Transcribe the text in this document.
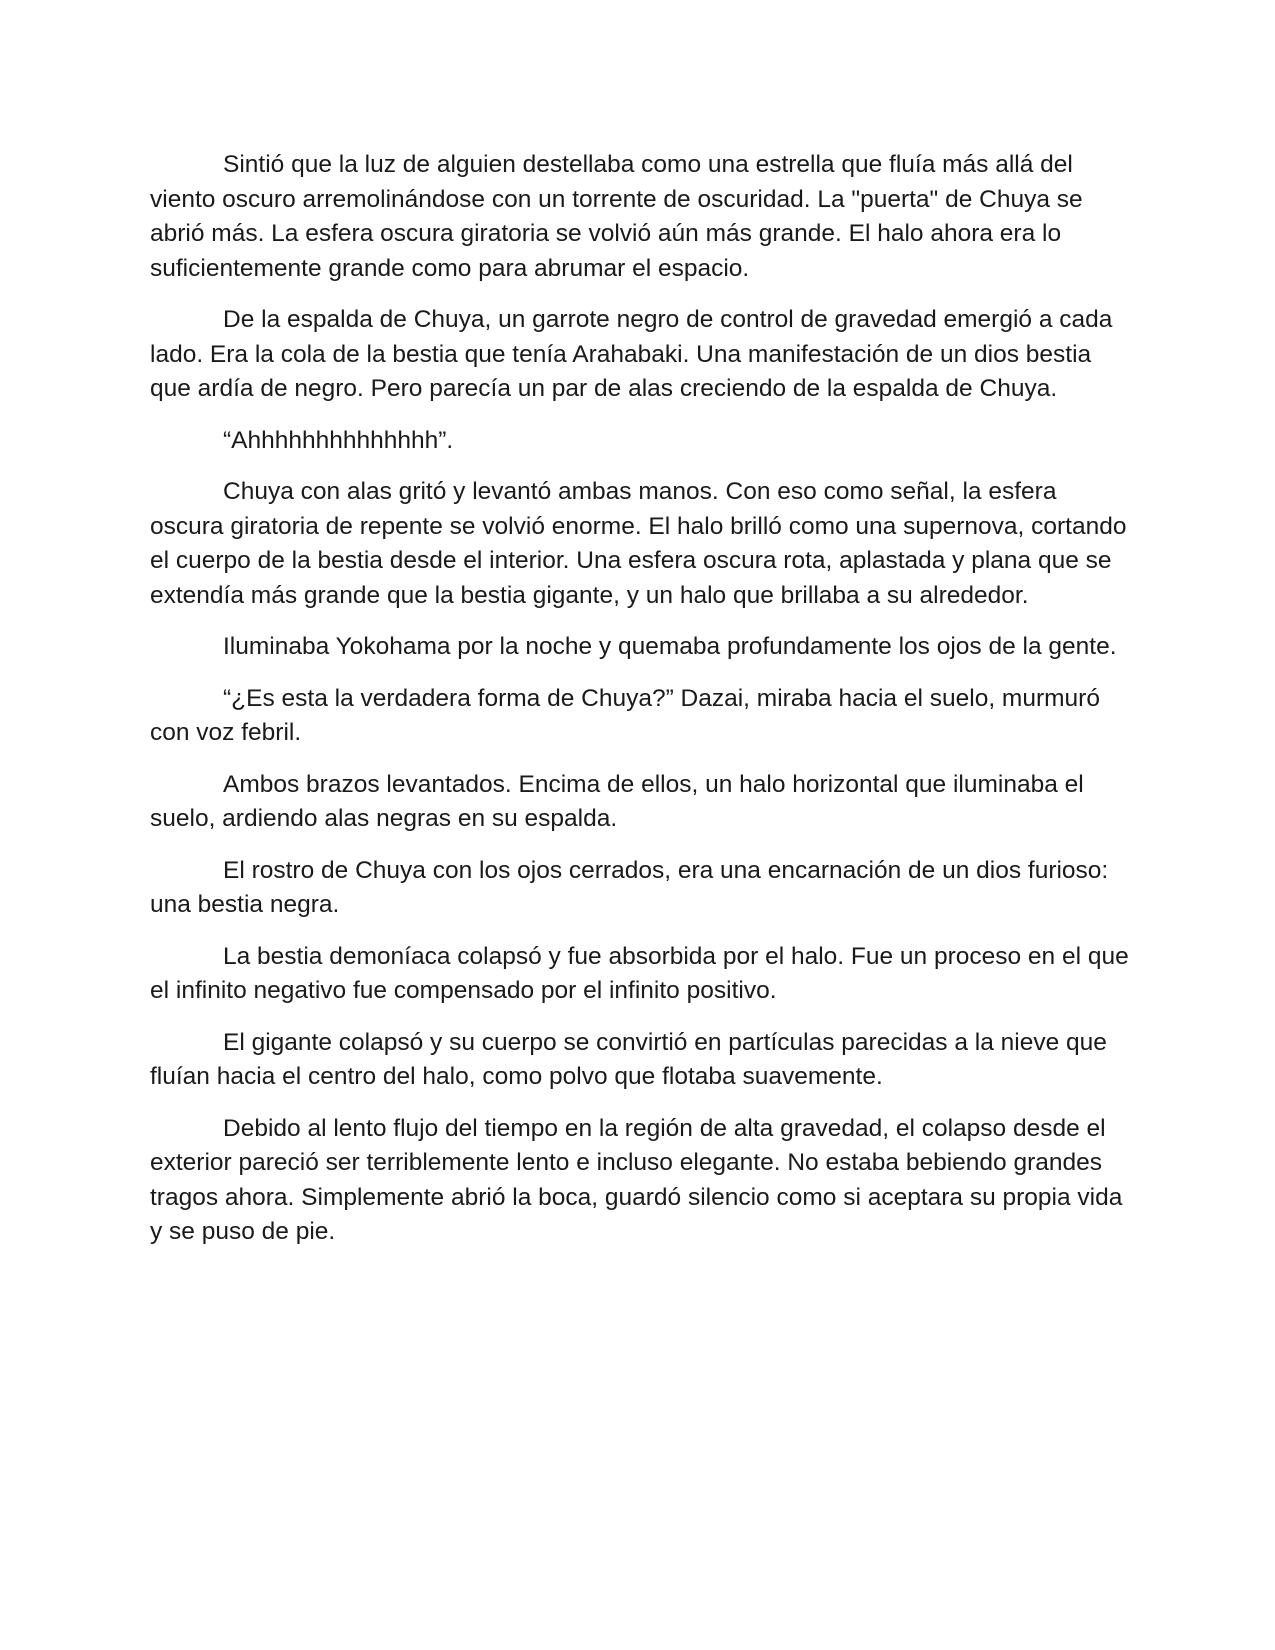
Sintió que la luz de alguien destellaba como una estrella que fluía más allá del viento oscuro arremolinándose con un torrente de oscuridad. La "puerta" de Chuya se abrió más. La esfera oscura giratoria se volvió aún más grande. El halo ahora era lo suficientemente grande como para abrumar el espacio.

De la espalda de Chuya, un garrote negro de control de gravedad emergió a cada lado. Era la cola de la bestia que tenía Arahabaki. Una manifestación de un dios bestia que ardía de negro. Pero parecía un par de alas creciendo de la espalda de Chuya.

“Ahhhhhhhhhhhhhh”.

Chuya con alas gritó y levantó ambas manos. Con eso como señal, la esfera oscura giratoria de repente se volvió enorme. El halo brilló como una supernova, cortando el cuerpo de la bestia desde el interior. Una esfera oscura rota, aplastada y plana que se extendía más grande que la bestia gigante, y un halo que brillaba a su alrededor.

Iluminaba Yokohama por la noche y quemaba profundamente los ojos de la gente.

“¿Es esta la verdadera forma de Chuya?” Dazai, miraba hacia el suelo, murmuró con voz febril.

Ambos brazos levantados. Encima de ellos, un halo horizontal que iluminaba el suelo, ardiendo alas negras en su espalda.

El rostro de Chuya con los ojos cerrados, era una encarnación de un dios furioso: una bestia negra.

La bestia demoníaca colapsó y fue absorbida por el halo. Fue un proceso en el que el infinito negativo fue compensado por el infinito positivo.

El gigante colapsó y su cuerpo se convirtió en partículas parecidas a la nieve que fluían hacia el centro del halo, como polvo que flotaba suavemente.

Debido al lento flujo del tiempo en la región de alta gravedad, el colapso desde el exterior pareció ser terriblemente lento e incluso elegante. No estaba bebiendo grandes tragos ahora. Simplemente abrió la boca, guardó silencio como si aceptara su propia vida y se puso de pie.
